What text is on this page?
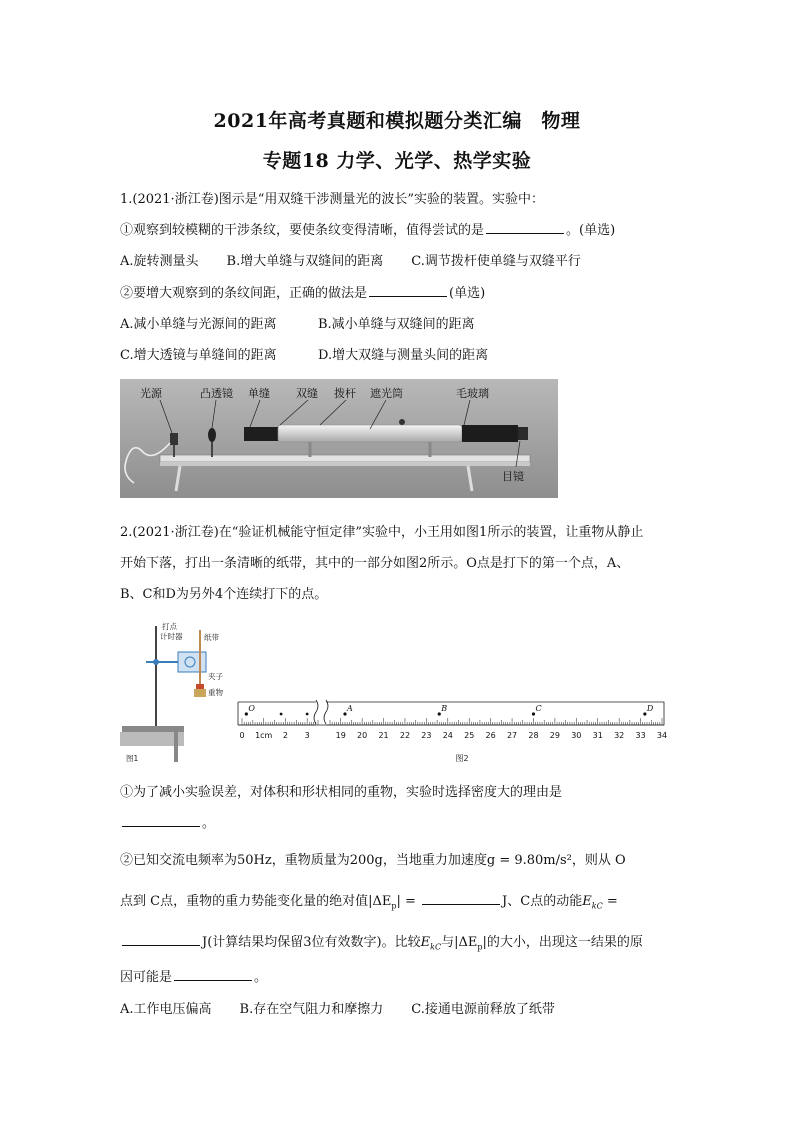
2021年高考真题和模拟题分类汇编　物理
专题18 力学、光学、热学实验
1.(2021·浙江卷)图示是“用双缝干涉测量光的波长”实验的装置。实验中：
①观察到较模糊的干涉条纹，要使条纹变得清晰，值得尝试的是	。(单选)
A.旋转测量头 B.增大单缝与双缝间的距离 C.调节拨杆使单缝与双缝平行
②要增大观察到的条纹间距，正确的做法是	(单选)
A.减小单缝与光源间的距离	B.减小单缝与双缝间的距离
C.增大透镜与单缝间的距离	D.增大双缝与测量头间的距离
光源	凸透镜 单缝 双缝 拨杆 遮光筒	毛玻璃
目镜
2.(2021·浙江卷)在“验证机械能守恒定律”实验中，小王用如图1所示的装置，让重物从静止
开始下落，打出一条清晰的纸带，其中的一部分如图2所示。O点是打下的第一个点，A、
B、C和D为另外4个连续打下的点。
打点
计时器	纸带
夹子
重物
图1
O	A	B	C	D
0 1cm 2 3	19 20 21 22 23 24 25 26 27 28 29 30 31 32 33 34
图2
①为了减小实验误差，对体积和形状相同的重物，实验时选择密度大的理由是
。
②已知交流电频率为50Hz，重物质量为200g，当地重力加速度g = 9.80m/s²，则从 O
点到 C点，重物的重力势能变化量的绝对值$|\Delta E_p|$ =	J、C点的动能$E_{kC}$ =
J(计算结果均保留3位有效数字)。比较$E_{kC}$与$|\Delta E_p|$的大小，出现这一结果的原
因可能是	。
A.工作电压偏高 B.存在空气阻力和摩擦力 C.接通电源前释放了纸带
